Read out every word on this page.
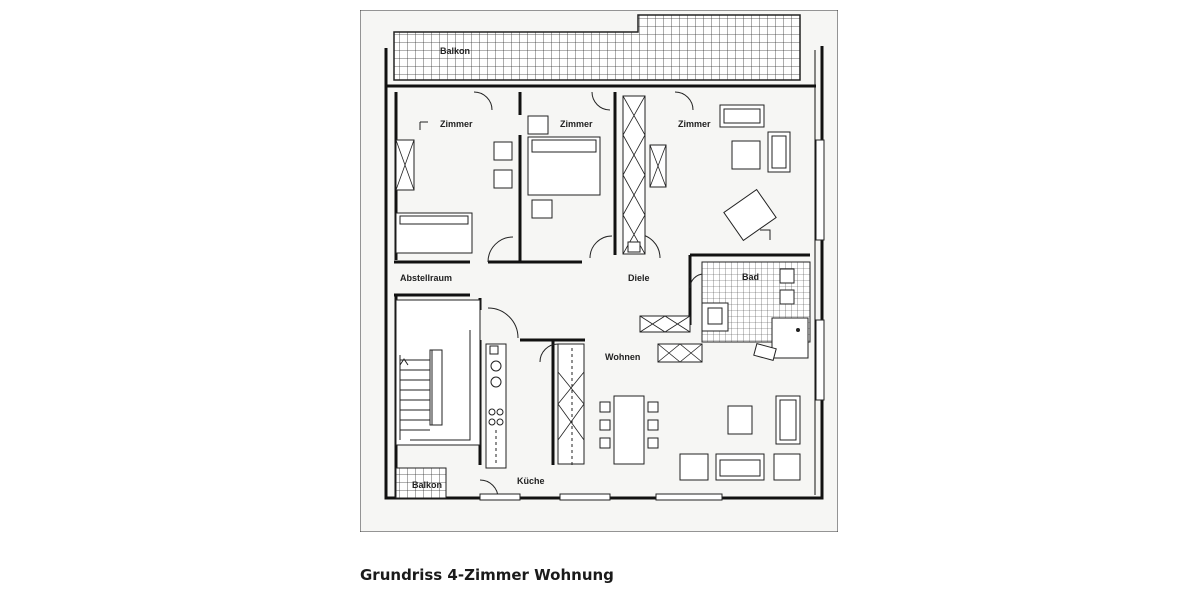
Balkon
Zimmer	Zimmer	Zimmer
Abstellraum	Diele	Bad
Wohnen
Küche
Balkon
Grundriss 4-Zimmer Wohnung
